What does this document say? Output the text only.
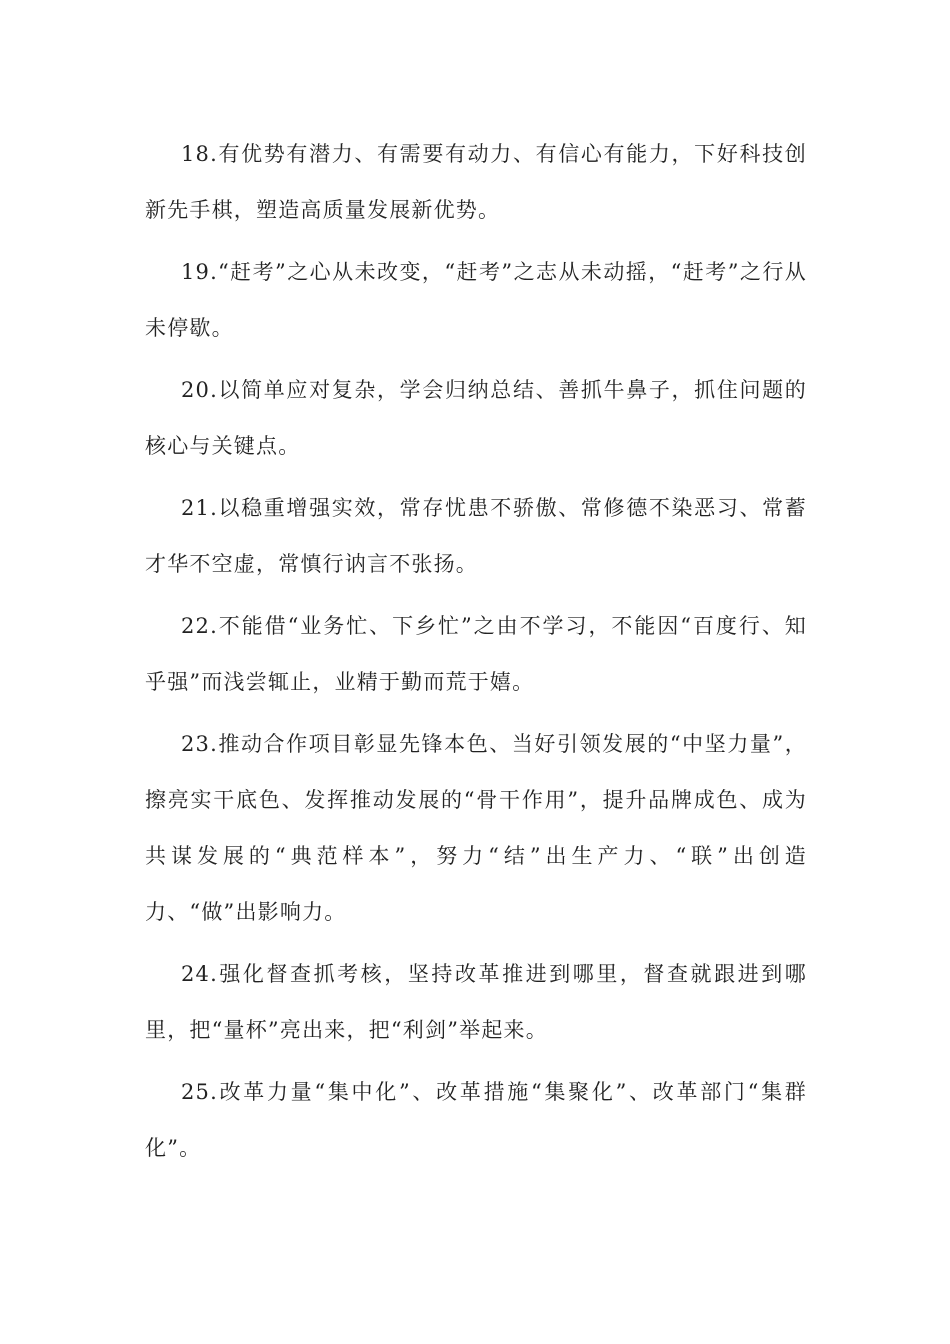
18.有优势有潜力、有需要有动力、有信心有能力，下好科技创新先手棋，塑造高质量发展新优势。

19.“赶考”之心从未改变，“赶考”之志从未动摇，“赶考”之行从未停歇。

20.以简单应对复杂，学会归纳总结、善抓牛鼻子，抓住问题的核心与关键点。

21.以稳重增强实效，常存忧患不骄傲、常修德不染恶习、常蓄才华不空虚，常慎行讷言不张扬。

22.不能借“业务忙、下乡忙”之由不学习，不能因“百度行、知乎强”而浅尝辄止，业精于勤而荒于嬉。

23.推动合作项目彰显先锋本色、当好引领发展的“中坚力量”，擦亮实干底色、发挥推动发展的“骨干作用”，提升品牌成色、成为共谋发展的“典范样本”，努力“结”出生产力、“联”出创造力、“做”出影响力。

24.强化督查抓考核，坚持改革推进到哪里，督查就跟进到哪里，把“量杯”亮出来，把“利剑”举起来。

25.改革力量“集中化”、改革措施“集聚化”、改革部门“集群化”。
